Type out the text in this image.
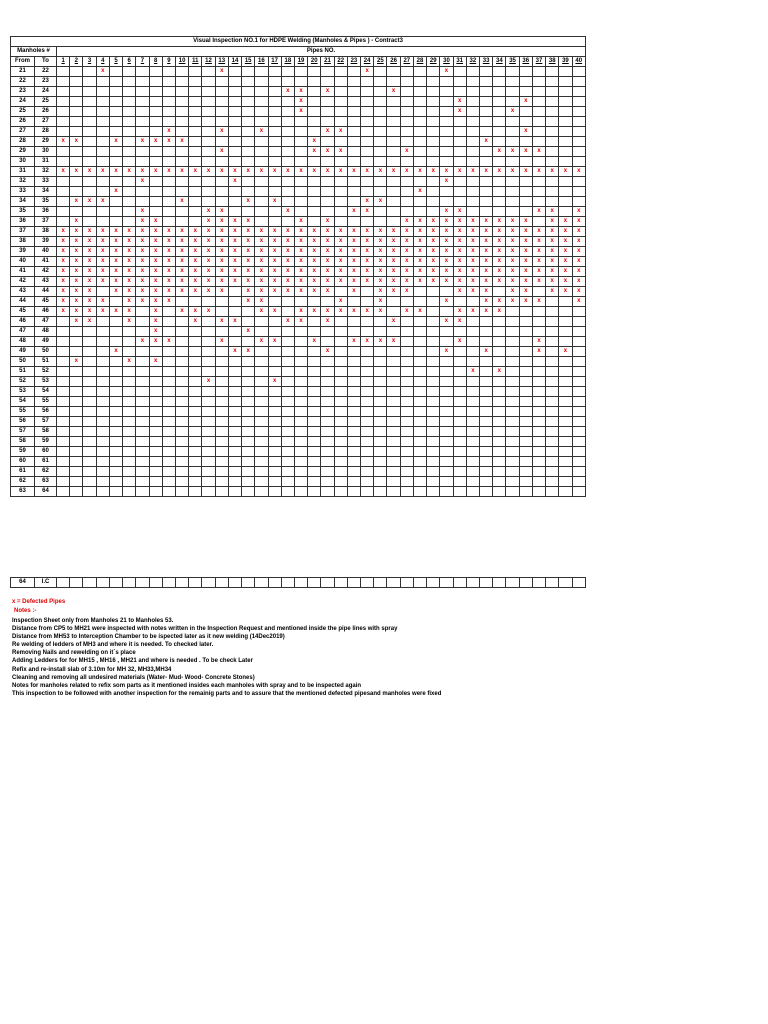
Visual Inspection NO.1 for HDPE Welding (Manholes & Pipes ) - Contract3																																									
Manholes #		Pipes NO.																																							
From	To	1	2	3	4	5	6	7	8	9	10	11	12	13	14	15	16	17	18	19	20	21	22	23	24	25	26	27	28	29	30	31	32	33	34	35	36	37	38	39	40
21	22				x									x											x						x										
22	23																																								
23	24																		x	x		x					x														
24	25																			x												x					x				
25	26																			x												x				x					
26	27																																								
27	28									x				x			x					x	x														x				
28	29	x	x			x		x	x	x	x										x													x							
29	30													x							x	x	x					x							x	x	x	x			
30	31																																								
31	32	x	x	x	x	x	x	x	x	x	x	x	x	x	x	x	x	x	x	x	x	x	x	x	x	x	x	x	x	x	x	x	x	x	x	x	x	x	x	x	x
32	33							x							x																x										
33	34					x																							x												
34	35		x	x	x						x					x		x							x	x															
35	36							x					x	x					x					x	x						x	x						x	x		x
36	37		x					x	x				x	x	x	x				x		x						x	x	x	x	x	x	x	x	x	x		x	x	x
37	38	x	x	x	x	x	x	x	x	x	x	x	x	x	x	x	x	x	x	x	x	x	x	x	x	x	x	x	x	x	x	x	x	x	x	x	x	x	x	x	x
38	39	x	x	x	x	x	x	x	x	x	x	x	x	x	x	x	x	x	x	x	x	x	x	x	x	x	x	x	x	x	x	x	x	x	x	x	x	x	x	x	x
39	40	x	x	x	x	x	x	x	x	x	x	x	x	x	x	x	x	x	x	x	x	x	x	x	x	x	x	x	x	x	x	x	x	x	x	x	x	x	x	x	x
40	41	x	x	x	x	x	x	x	x	x	x	x	x	x	x	x	x	x	x	x	x	x	x	x	x	x	x	x	x	x	x	x	x	x	x	x	x	x	x	x	x
41	42	x	x	x	x	x	x	x	x	x	x	x	x	x	x	x	x	x	x	x	x	x	x	x	x	x	x	x	x	x	x	x	x	x	x	x	x	x	x	x	x
42	43	x	x	x	x	x	x	x	x	x	x	x	x	x	x	x	x	x	x	x	x	x	x	x	x	x	x	x	x	x	x	x	x	x	x	x	x	x	x	x	x
43	44	x	x	x		x	x	x	x	x	x	x	x	x		x	x	x	x	x	x	x		x		x	x	x				x	x	x		x	x		x	x	x
44	45	x	x	x	x		x	x	x	x						x	x						x			x					x			x	x	x	x	x			x
45	46	x	x	x	x	x	x		x		x	x	x				x	x		x	x	x	x	x	x	x		x	x			x	x	x	x						
46	47		x	x			x		x			x		x	x				x	x		x					x				x	x									
47	48								x							x																									
48	49							x	x	x				x			x	x			x			x	x	x	x					x						x			
49	50					x									x	x						x									x			x				x		x	
50	51		x				x		x																																
51	52																																x		x						
52	53												x					x																							
53	54																																								
54	55																																								
55	56																																								
56	57																																								
57	58																																								
58	59																																								
59	60																																								
60	61																																								
61	62																																								
62	63																																								
63	64																																								
64	I.C																																								
x = Defected Pipes
Notes :-
Inspection Sheet only from Manholes 21 to Manholes 53.
Distance from CP5 to MH21 were inspected with notes written in the Inspection Request and mentioned inside the pipe lines with spray
Distance from MH53 to Interception Chamber to be ispected later as it new welding (14Dec2019)
Re welding of ledders of MH3 and where it is needed. To checked later.
Removing Nails and rewelding on it`s place
Adding Ledders for for MH15 , MH16 , MH21 and where is needed . To be check Later
Refix and re-install slab of 3.10m for MH 32, MH33,MH34
Cleaning and removing all undesired materials (Water- Mud- Wood- Concrete Stones)
Notes for manholes related to refix som parts as it mentioned insides each manholes with spray and to be inspected again
This inspection to be followed with another inspection for the remainig parts and to assure that the mentioned defected pipesand manholes were fixed
